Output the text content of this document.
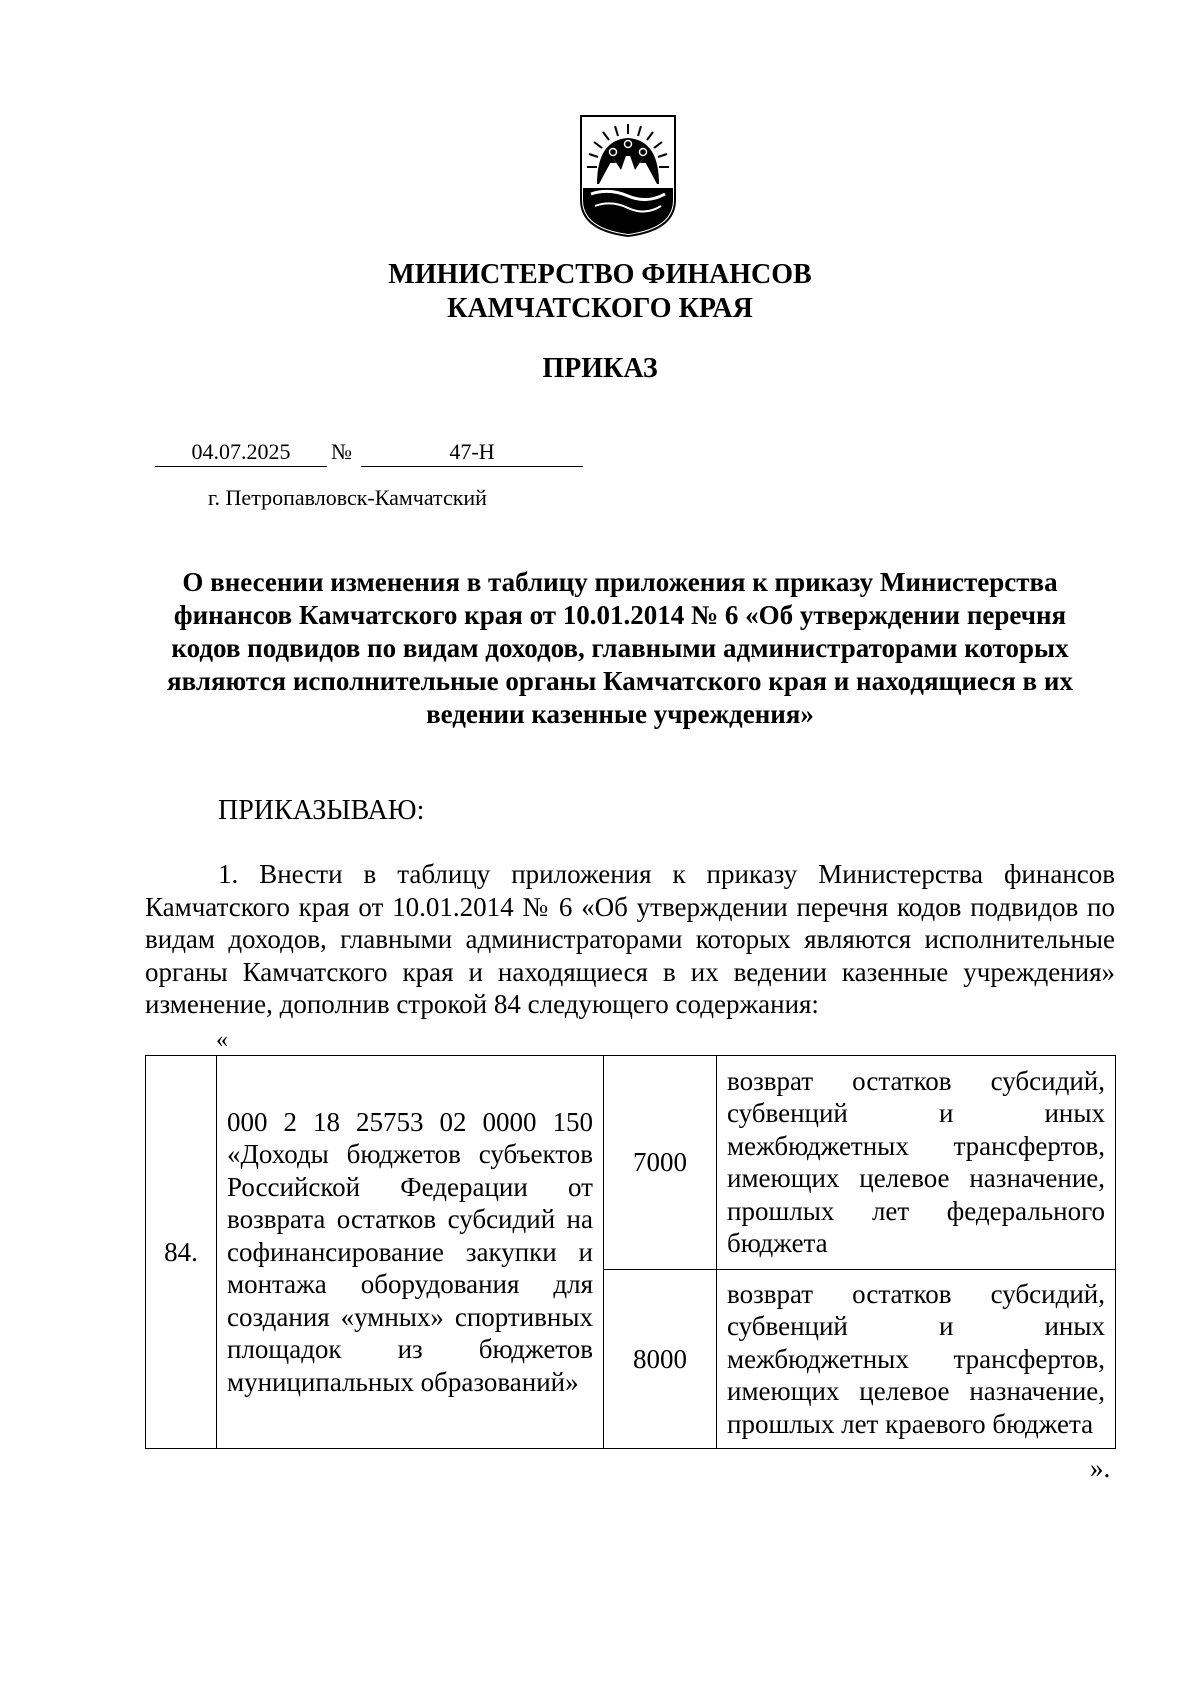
МИНИСТЕРСТВО ФИНАНСОВ

КАМЧАТСКОГО КРАЯ

ПРИКАЗ

04.07.2025	№	47-Н
г. Петропавловск-Камчатский

О внесении изменения в таблицу приложения к приказу Министерства финансов Камчатского края от 10.01.2014 № 6 «Об утверждении перечня кодов подвидов по видам доходов, главными администраторами которых являются исполнительные органы Камчатского края и находящиеся в их ведении казенные учреждения»

ПРИКАЗЫВАЮ:

1. Внести в таблицу приложения к приказу Министерства финансов Камчатского края от 10.01.2014 № 6 «Об утверждении перечня кодов подвидов по видам доходов, главными администраторами которых являются исполнительные органы Камчатского края и находящиеся в их ведении казенные учреждения» изменение, дополнив строкой 84 следующего содержания:

«
84.	000 2 18 25753 02 0000 150 «Доходы бюджетов субъектов Российской Федерации от возврата остатков субсидий на софинансирование закупки и монтажа оборудования для создания «умных» спортивных площадок из бюджетов муниципальных образований»	7000	возврат остатков субсидий, субвенций и иных межбюджетных трансфертов, имеющих целевое назначение, прошлых лет федерального бюджета
		8000	возврат остатков субсидий, субвенций и иных межбюджетных трансфертов, имеющих целевое назначение, прошлых лет краевого бюджета
».
